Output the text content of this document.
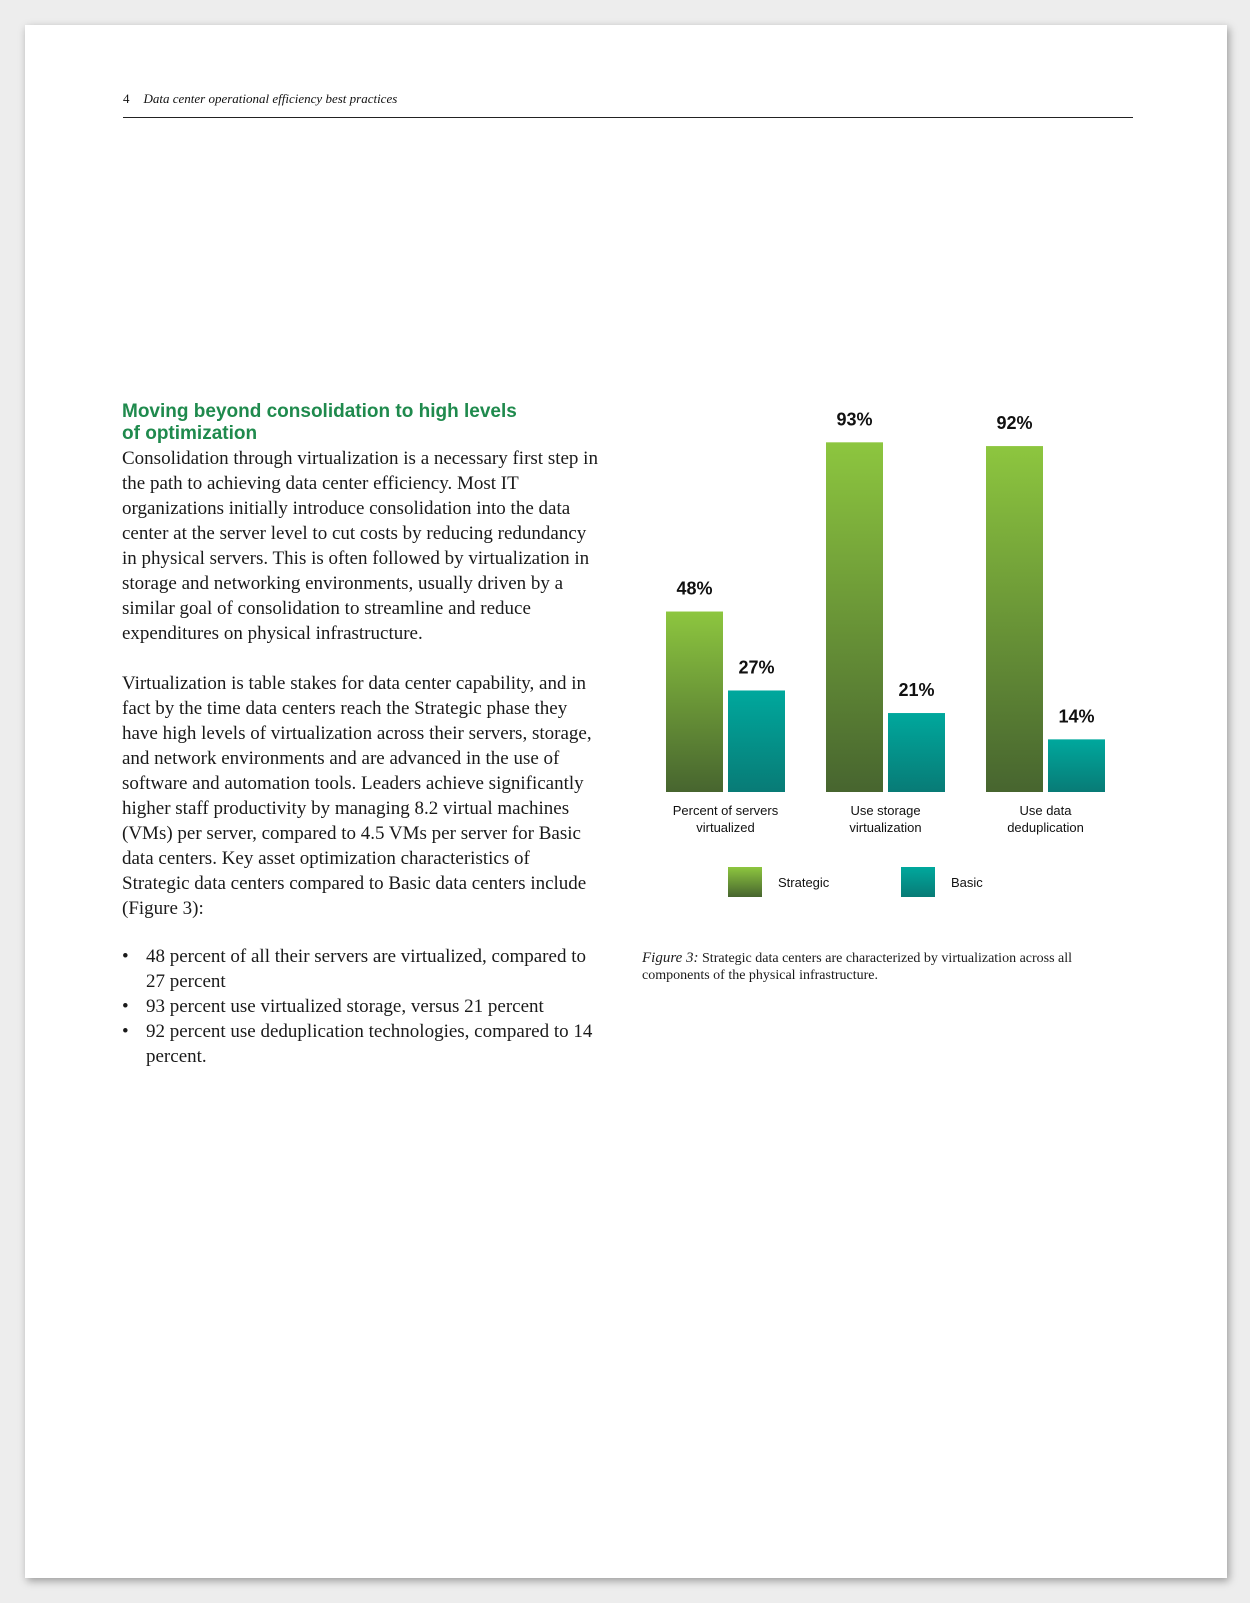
4 Data center operational efficiency best practices
Moving beyond consolidation to high levels
of optimization

Consolidation through virtualization is a necessary first step in the path to achieving data center efficiency. Most IT organizations initially introduce consolidation into the data center at the server level to cut costs by reducing redundancy in physical servers. This is often followed by virtualization in storage and networking environments, usually driven by a similar goal of consolidation to streamline and reduce expenditures on physical infrastructure.

Virtualization is table stakes for data center capability, and in fact by the time data centers reach the Strategic phase they have high levels of virtualization across their servers, storage, and network environments and are advanced in the use of software and automation tools. Leaders achieve significantly higher staff productivity by managing 8.2 virtual machines (VMs) per server, compared to 4.5 VMs per server for Basic data centers. Key asset optimization characteristics of Strategic data centers compared to Basic data centers include (Figure 3):

• 48 percent of all their servers are virtualized, compared to 27 percent
• 93 percent use virtualized storage, versus 21 percent
• 92 percent use deduplication technologies, compared to 14 percent.
48%
27%
Percent of servers
virtualized
93%
21%
Use storage
virtualization
92%
14%
Use data
deduplication
Strategic	Basic

Figure 3: Strategic data centers are characterized by virtualization across all components of the physical infrastructure.
